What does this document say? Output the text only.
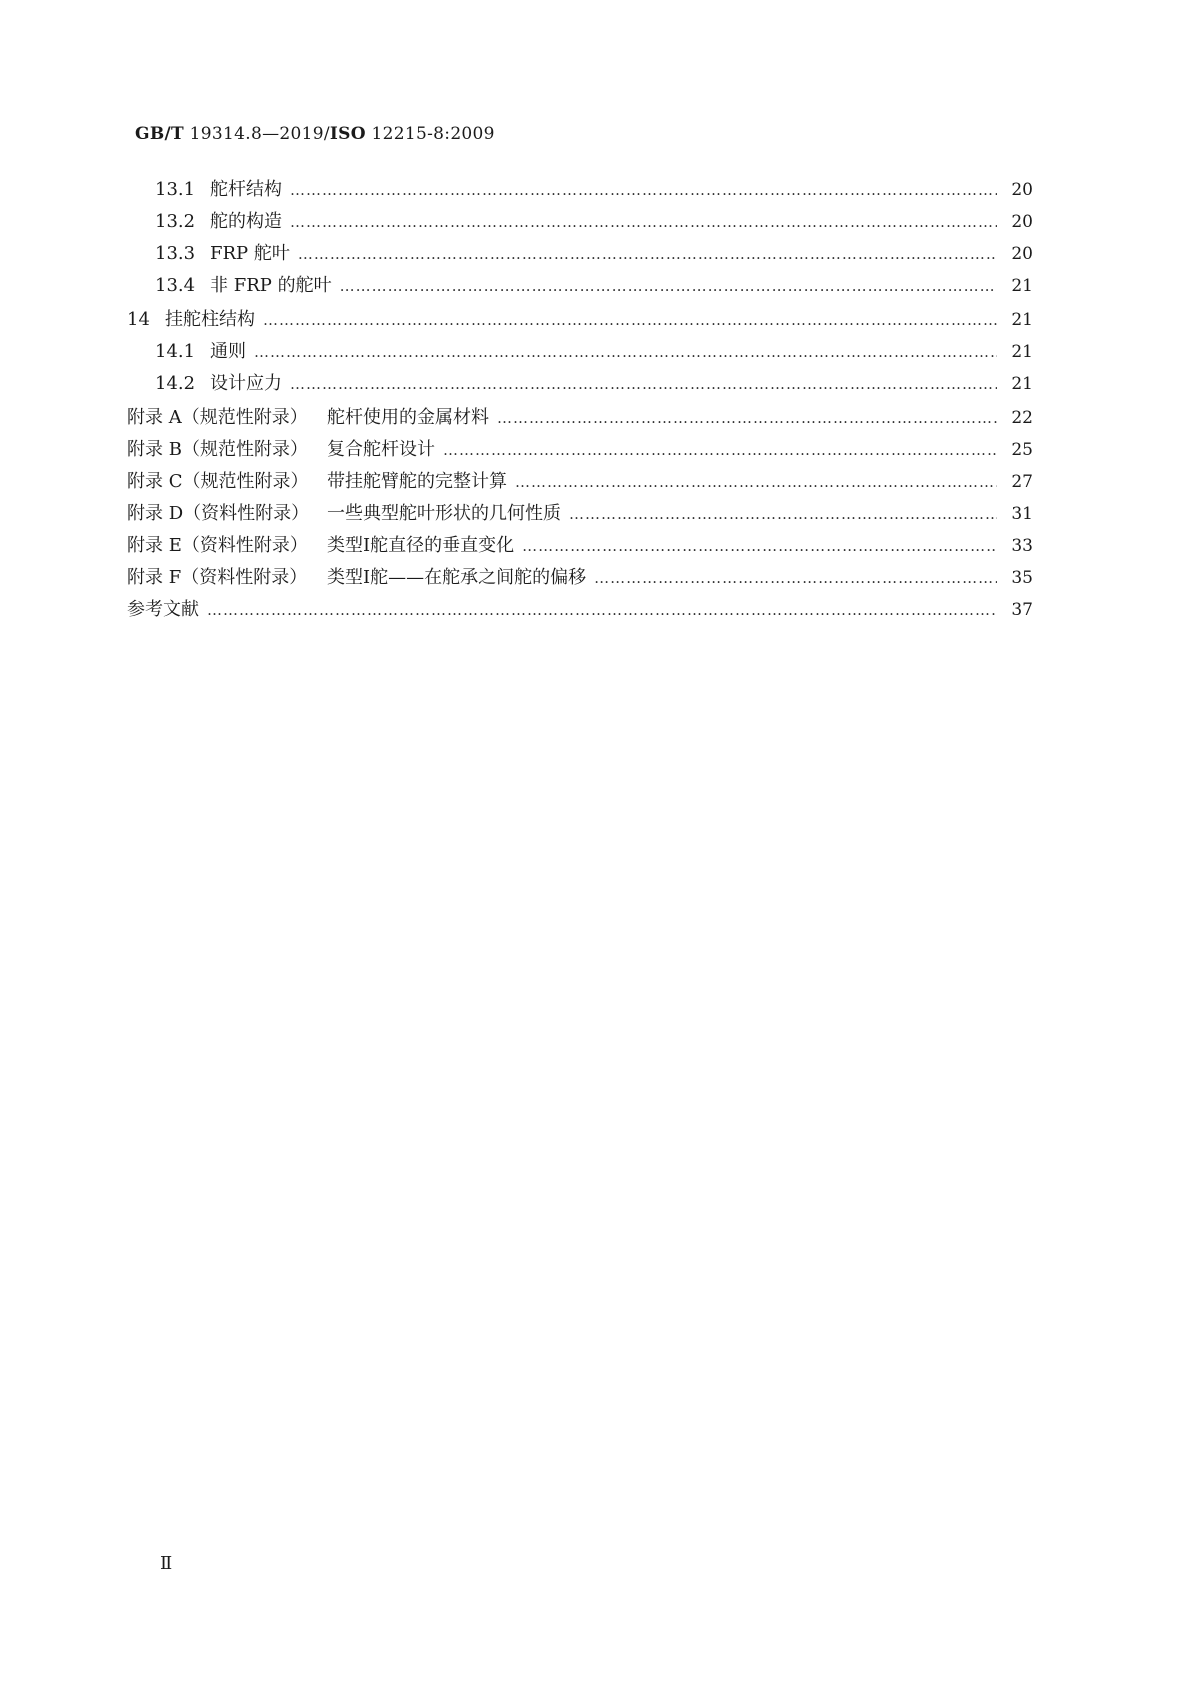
GB/T 19314.8—2019/ISO 12215-8:2009
13.1 舵杆结构 …………………………………………………………………………………………………………………………………………………………………………………………	20
13.2 舵的构造 …………………………………………………………………………………………………………………………………………………………………………………………	20
13.3 FRP 舵叶 …………………………………………………………………………………………………………………………………………………………………………………………	20
13.4 非 FRP 的舵叶 …………………………………………………………………………………………………………………………………………………………………………………………	21
14 挂舵柱结构 …………………………………………………………………………………………………………………………………………………………………………………………	21
14.1 通则 …………………………………………………………………………………………………………………………………………………………………………………………	21
14.2 设计应力 …………………………………………………………………………………………………………………………………………………………………………………………	21
附录 A（规范性附录）	舵杆使用的金属材料 …………………………………………………………………………………………………………………………………………………………………………………………	22
附录 B（规范性附录）	复合舵杆设计 …………………………………………………………………………………………………………………………………………………………………………………………	25
附录 C（规范性附录）	带挂舵臂舵的完整计算 …………………………………………………………………………………………………………………………………………………………………………………………	27
附录 D（资料性附录） 一些典型舵叶形状的几何性质 …………………………………………………………………………………………………………………………………………………………………………………………	31
附录 E（资料性附录）	类型Ⅰ舵直径的垂直变化 …………………………………………………………………………………………………………………………………………………………………………………………	33
附录 F（资料性附录）	类型Ⅰ舵——在舵承之间舵的偏移 …………………………………………………………………………………………………………………………………………………………………………………………	35
参考文献 …………………………………………………………………………………………………………………………………………………………………………………………	37
Ⅱ
